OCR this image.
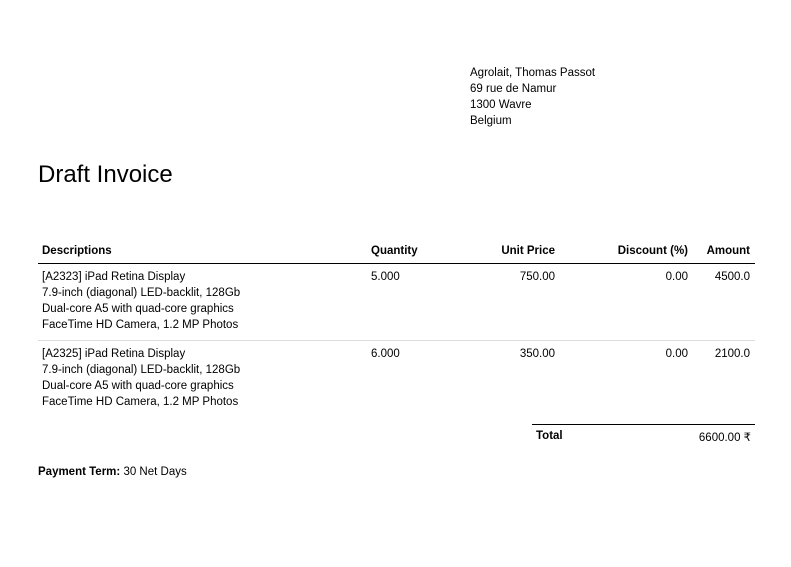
Agrolait, Thomas Passot
69 rue de Namur
1300 Wavre
Belgium
Draft Invoice
Descriptions	Quantity	Unit Price	Discount (%)	Amount

[A2323] iPad Retina Display
7.9-inch (diagonal) LED-backlit, 128Gb
Dual-core A5 with quad-core graphics
FaceTime HD Camera, 1.2 MP Photos	5.000	750.00	0.00	4500.0

[A2325] iPad Retina Display
7.9-inch (diagonal) LED-backlit, 128Gb
Dual-core A5 with quad-core graphics
FaceTime HD Camera, 1.2 MP Photos	6.000	350.00	0.00	2100.0
Total	6600.00 ₹
Payment Term: 30 Net Days
